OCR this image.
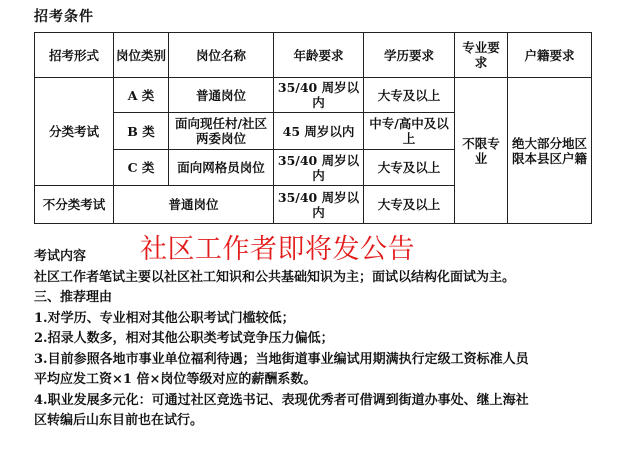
招考条件
招考形式	岗位类别	岗位名称	年龄要求	学历要求	专业要求	户籍要求
分类考试	A 类	普通岗位	35/40 周岁以内	大专及以上	不限专业	绝大部分地区限本县区户籍
	B 类	面向现任村/社区两委岗位	45 周岁以内	中专/高中及以上		
	C 类	面向网格员岗位	35/40 周岁以内	大专及以上		
不分类考试	普通岗位		35/40 周岁以内	大专及以上		
社区工作者即将发公告
考试内容
社区工作者笔试主要以社区社工知识和公共基础知识为主；面试以结构化面试为主。
三、推荐理由
1.对学历、专业相对其他公职考试门槛较低；
2.招录人数多，相对其他公职类考试竞争压力偏低；
3.目前参照各地市事业单位福利待遇；当地街道事业编试用期满执行定级工资标准人员
平均应发工资×1 倍×岗位等级对应的薪酬系数。
4.职业发展多元化：可通过社区竞选书记、表现优秀者可借调到街道办事处、继上海社
区转编后山东目前也在试行。
